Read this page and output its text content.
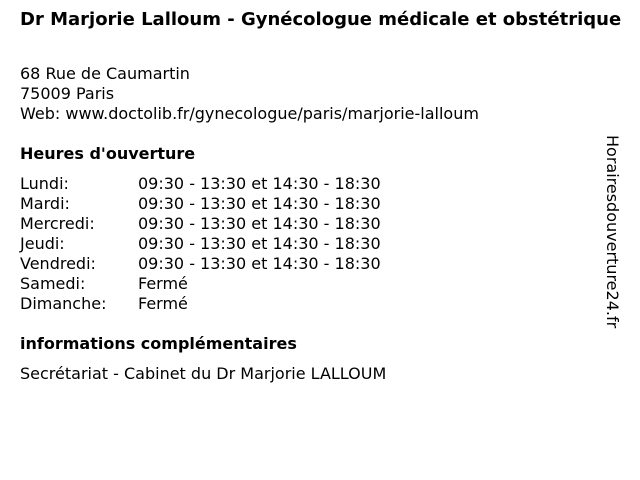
Dr Marjorie Lalloum - Gynécologue médicale et obstétrique
68 Rue de Caumartin
75009 Paris
Web: www.doctolib.fr/gynecologue/paris/marjorie-lalloum
Heures d'ouverture
Lundi:	09:30 - 13:30 et 14:30 - 18:30
Mardi:	09:30 - 13:30 et 14:30 - 18:30
Mercredi:	09:30 - 13:30 et 14:30 - 18:30
Jeudi:	09:30 - 13:30 et 14:30 - 18:30
Vendredi:	09:30 - 13:30 et 14:30 - 18:30
Samedi:	Fermé
Dimanche: Fermé
informations complémentaires
Secrétariat - Cabinet du Dr Marjorie LALLOUM
Horairesdouverture24.fr
